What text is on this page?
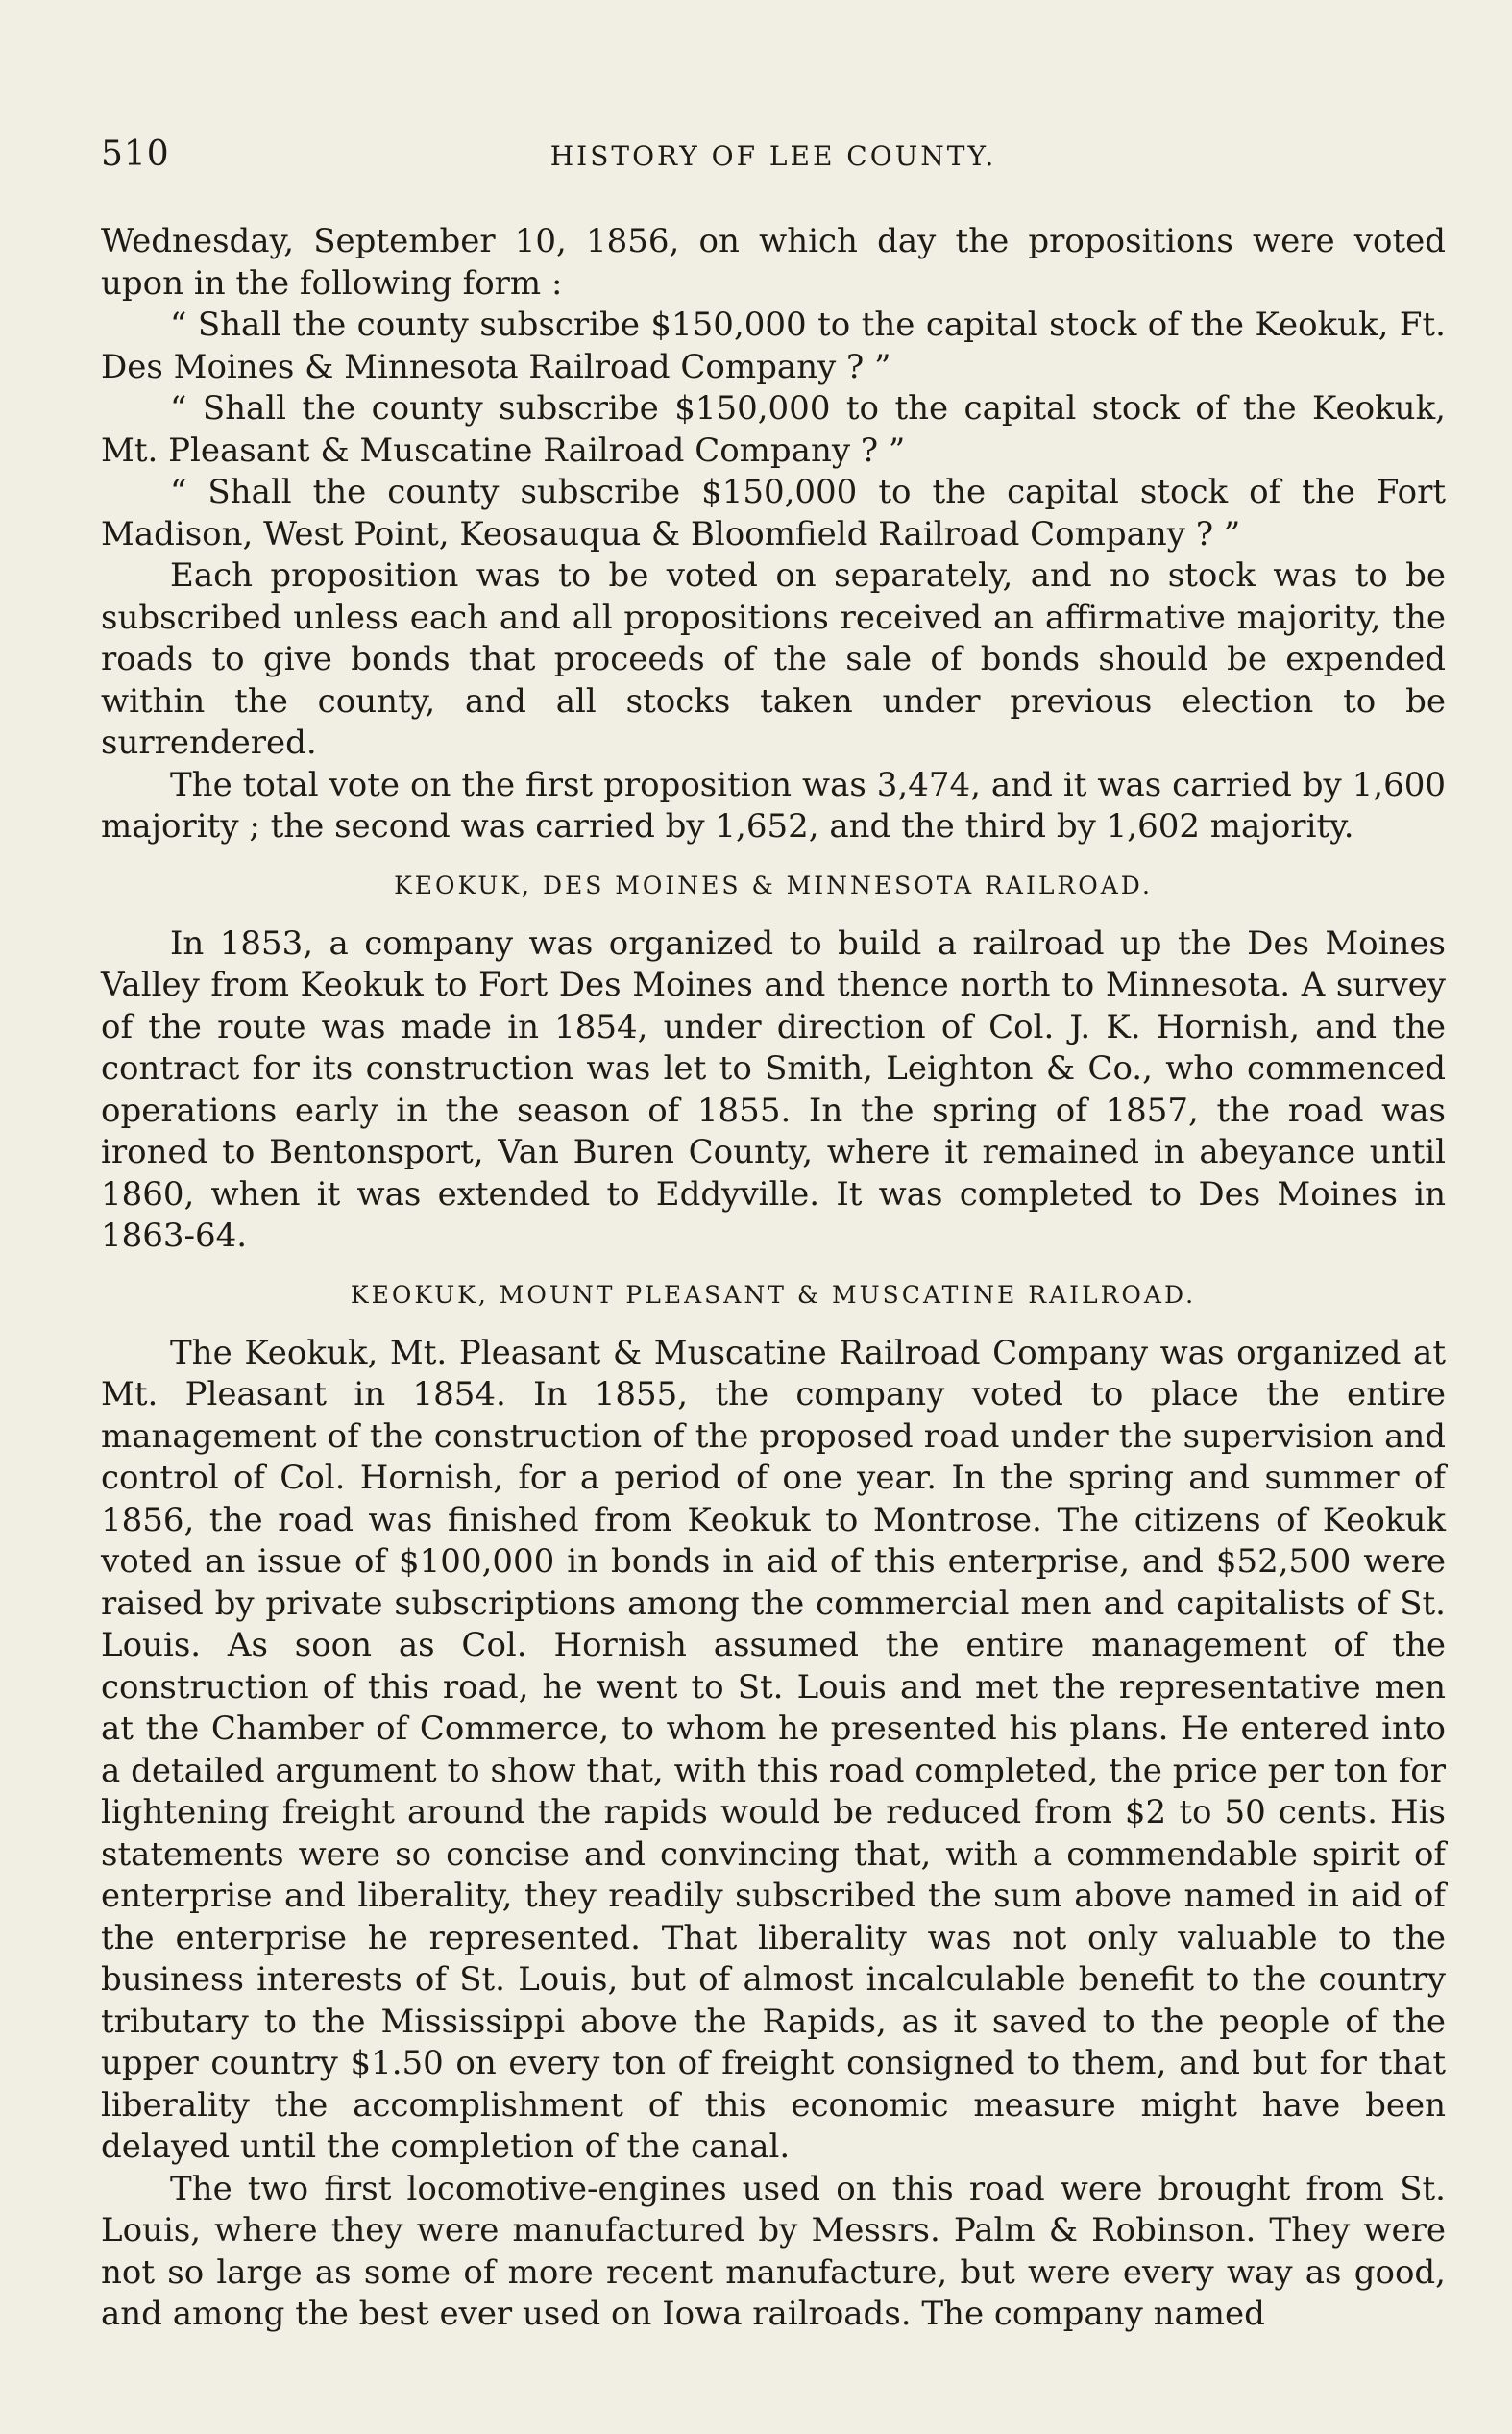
510	HISTORY OF LEE COUNTY.

Wednesday, September 10, 1856, on which day the propositions were voted upon in the following form :

“ Shall the county subscribe $150,000 to the capital stock of the Keokuk, Ft. Des Moines & Minnesota Railroad Company ? ”

“ Shall the county subscribe $150,000 to the capital stock of the Keokuk, Mt. Pleasant & Muscatine Railroad Company ? ”

“ Shall the county subscribe $150,000 to the capital stock of the Fort Madison, West Point, Keosauqua & Bloomfield Railroad Company ? ”

Each proposition was to be voted on separately, and no stock was to be subscribed unless each and all propositions received an affirmative majority, the roads to give bonds that proceeds of the sale of bonds should be expended within the county, and all stocks taken under previous election to be surrendered.

The total vote on the first proposition was 3,474, and it was carried by 1,600 majority ; the second was carried by 1,652, and the third by 1,602 majority.

KEOKUK, DES MOINES & MINNESOTA RAILROAD.

In 1853, a company was organized to build a railroad up the Des Moines Valley from Keokuk to Fort Des Moines and thence north to Minnesota. A survey of the route was made in 1854, under direction of Col. J. K. Hornish, and the contract for its construction was let to Smith, Leighton & Co., who commenced operations early in the season of 1855. In the spring of 1857, the road was ironed to Bentonsport, Van Buren County, where it remained in abeyance until 1860, when it was extended to Eddyville. It was completed to Des Moines in 1863-64.

KEOKUK, MOUNT PLEASANT & MUSCATINE RAILROAD.

The Keokuk, Mt. Pleasant & Muscatine Railroad Company was organized at Mt. Pleasant in 1854. In 1855, the company voted to place the entire management of the construction of the proposed road under the supervision and control of Col. Hornish, for a period of one year. In the spring and summer of 1856, the road was finished from Keokuk to Montrose. The citizens of Keokuk voted an issue of $100,000 in bonds in aid of this enterprise, and $52,500 were raised by private subscriptions among the commercial men and capitalists of St. Louis. As soon as Col. Hornish assumed the entire management of the construction of this road, he went to St. Louis and met the representative men at the Chamber of Commerce, to whom he presented his plans. He entered into a detailed argument to show that, with this road completed, the price per ton for lightening freight around the rapids would be reduced from $2 to 50 cents. His statements were so concise and convincing that, with a commendable spirit of enterprise and liberality, they readily subscribed the sum above named in aid of the enterprise he represented. That liberality was not only valuable to the business interests of St. Louis, but of almost incalculable benefit to the country tributary to the Mississippi above the Rapids, as it saved to the people of the upper country $1.50 on every ton of freight consigned to them, and but for that liberality the accomplishment of this economic measure might have been delayed until the completion of the canal.

The two first locomotive-engines used on this road were brought from St. Louis, where they were manufactured by Messrs. Palm & Robinson. They were not so large as some of more recent manufacture, but were every way as good, and among the best ever used on Iowa railroads. The company named
